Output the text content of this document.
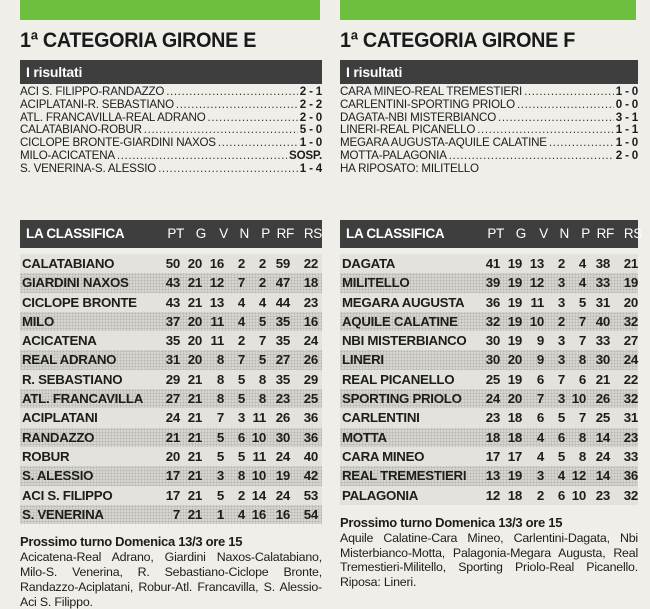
1ª CATEGORIA GIRONE E
I risultati
ACI S. FILIPPO-RANDAZZO .....	2 - 1
ACIPLATANI-R. SEBASTIANO .....	2 - 2
ATL. FRANCAVILLA-REAL ADRANO .....	2 - 0
CALATABIANO-ROBUR .....	5 - 0
CICLOPE BRONTE-GIARDINI NAXOS .....	1 - 0
MILO-ACICATENA .....	SOSP.
S. VENERINA-S. ALESSIO .....	1 - 4
LA CLASSIFICA	PT G V N P RF RS
CALATABIANO	50 20 16	2	2 59	22
GIARDINI NAXOS	43 21 12	7	2 47	18
CICLOPE BRONTE	43 21 13	4	4 44	23
MILO	37 20 11	4	5 35	16
ACICATENA	35 20 11	2	7 35	24
REAL ADRANO	31 20	8	7	5 27	26
R. SEBASTIANO	29 21	8	5	8 35	29
ATL. FRANCAVILLA	27 21	8	5	8 23	25
ACIPLATANI	24 21	7	3 11 26	36
RANDAZZO	21 21	5	6 10 30	36
ROBUR	20 21	5	5 11 24	40
S. ALESSIO	17 21	3	8 10 19	42
ACI S. FILIPPO	17 21	5	2 14 24	53
S. VENERINA	7 21	1	4 16 16	54
Prossimo turno Domenica 13/3 ore 15
Acicatena-Real Adrano, Giardini Naxos-Calatabiano, Milo-S. Venerina, R. Sebastiano-Ciclope Bronte, Randazzo-Aciplatani, Robur-Atl. Francavilla, S. Alessio-Aci S. Filippo.
1ª CATEGORIA GIRONE F
I risultati
CARA MINEO-REAL TREMESTIERI .....	1 - 0
CARLENTINI-SPORTING PRIOLO .....	0 - 0
DAGATA-NBI MISTERBIANCO .....	3 - 1
LINERI-REAL PICANELLO .....	1 - 1
MEGARA AUGUSTA-AQUILE CALATINE .....	1 - 0
MOTTA-PALAGONIA .....	2 - 0
HA RIPOSATO: MILITELLO
LA CLASSIFICA	PT G V N P RF RS
DAGATA	41 19 13	2	4 38	21
MILITELLO	39 19 12	3	4 33	19
MEGARA AUGUSTA	36 19 11	3	5 31	20
AQUILE CALATINE	32 19 10	2	7 40	32
NBI MISTERBIANCO	30 19	9	3	7 33	27
LINERI	30 20	9	3	8 30	24
REAL PICANELLO	25 19	6	7	6 21	22
SPORTING PRIOLO	24 20	7	3 10 26	32
CARLENTINI	23 18	6	5	7 25	31
MOTTA	18 18	4	6	8 14	23
CARA MINEO	17 17	4	5	8 24	33
REAL TREMESTIERI	13 19	3	4 12 14	36
PALAGONIA	12 18	2	6 10 23	32
Prossimo turno Domenica 13/3 ore 15
Aquile Calatine-Cara Mineo, Carlentini-Dagata, Nbi Misterbianco-Motta, Palagonia-Megara Augusta, Real Tremestieri-Militello, Sporting Priolo-Real Picanello. Riposa: Lineri.
